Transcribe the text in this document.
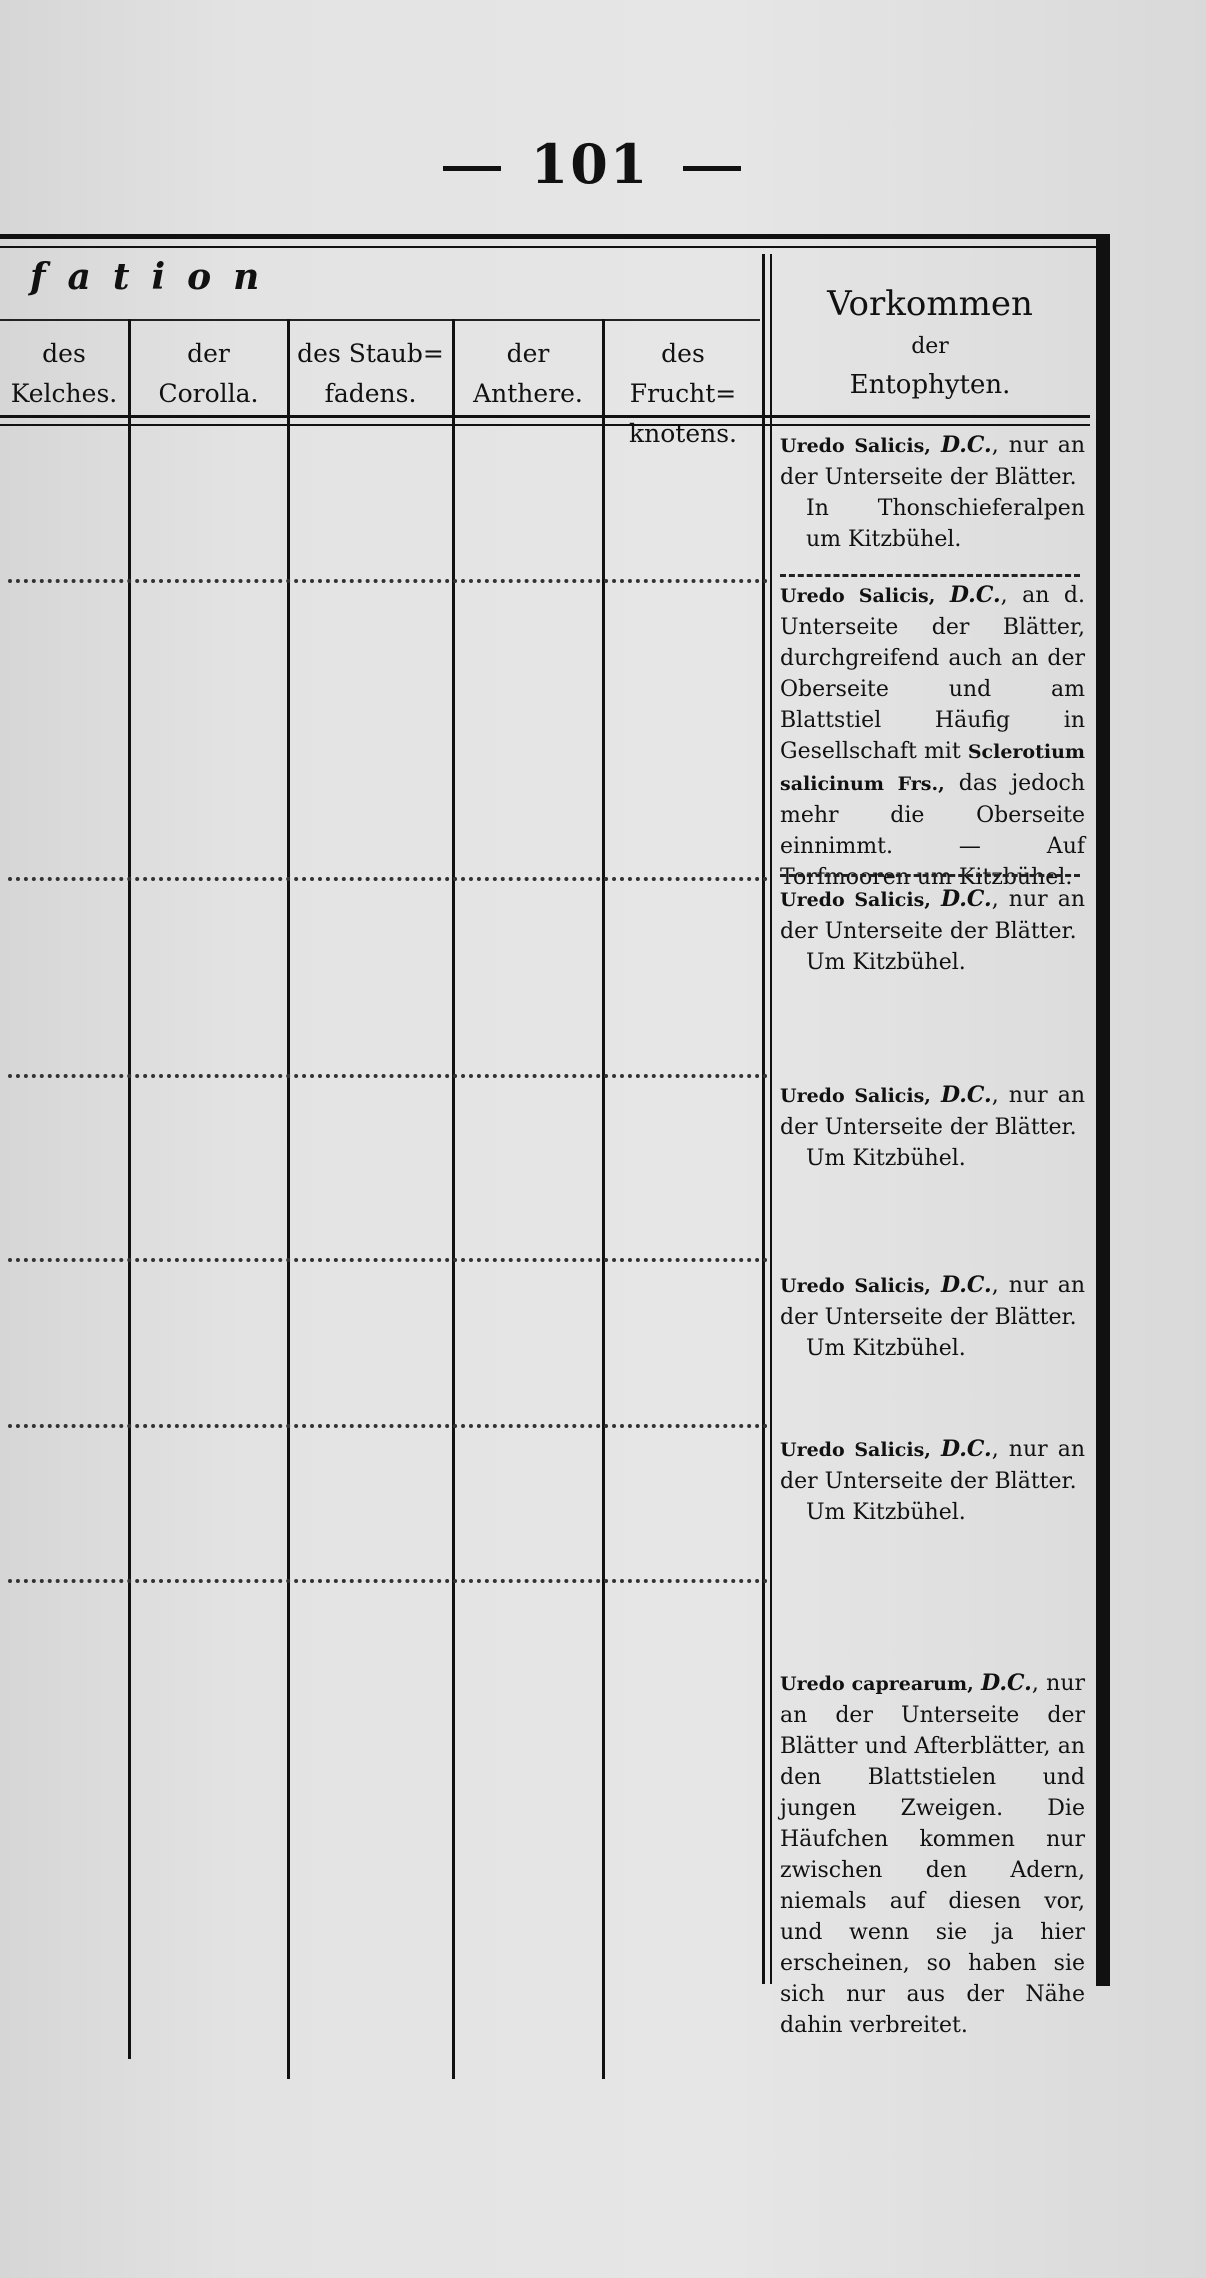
101
fation
des
Kelches.
der
Corolla.
des Staub=
fadens.
der
Anthere.
des Frucht=
knotens.
Vorkommen
der
Entophyten.
Uredo Salicis, D.C., nur an der Unterseite der Blätter.
In Thonschieferalpen um Kitzbühel.
Uredo Salicis, D.C., an d. Unterseite der Blätter, durchgreifend auch an der Oberseite und am Blattstiel Häufig in Gesellschaft mit Sclerotium salicinum Frs., das jedoch mehr die Oberseite einnimmt. — Auf Torfmooren um Kitzbühel.
Uredo Salicis, D.C., nur an der Unterseite der Blätter.
Um Kitzbühel.
Uredo Salicis, D.C., nur an der Unterseite der Blätter.
Um Kitzbühel.
Uredo Salicis, D.C., nur an der Unterseite der Blätter.
Um Kitzbühel.
Uredo Salicis, D.C., nur an der Unterseite der Blätter.
Um Kitzbühel.
Uredo caprearum, D.C., nur an der Unterseite der Blätter und Afterblätter, an den Blattstielen und jungen Zweigen. Die Häufchen kommen nur zwischen den Adern, niemals auf diesen vor, und wenn sie ja hier erscheinen, so haben sie sich nur aus der Nähe dahin verbreitet.
